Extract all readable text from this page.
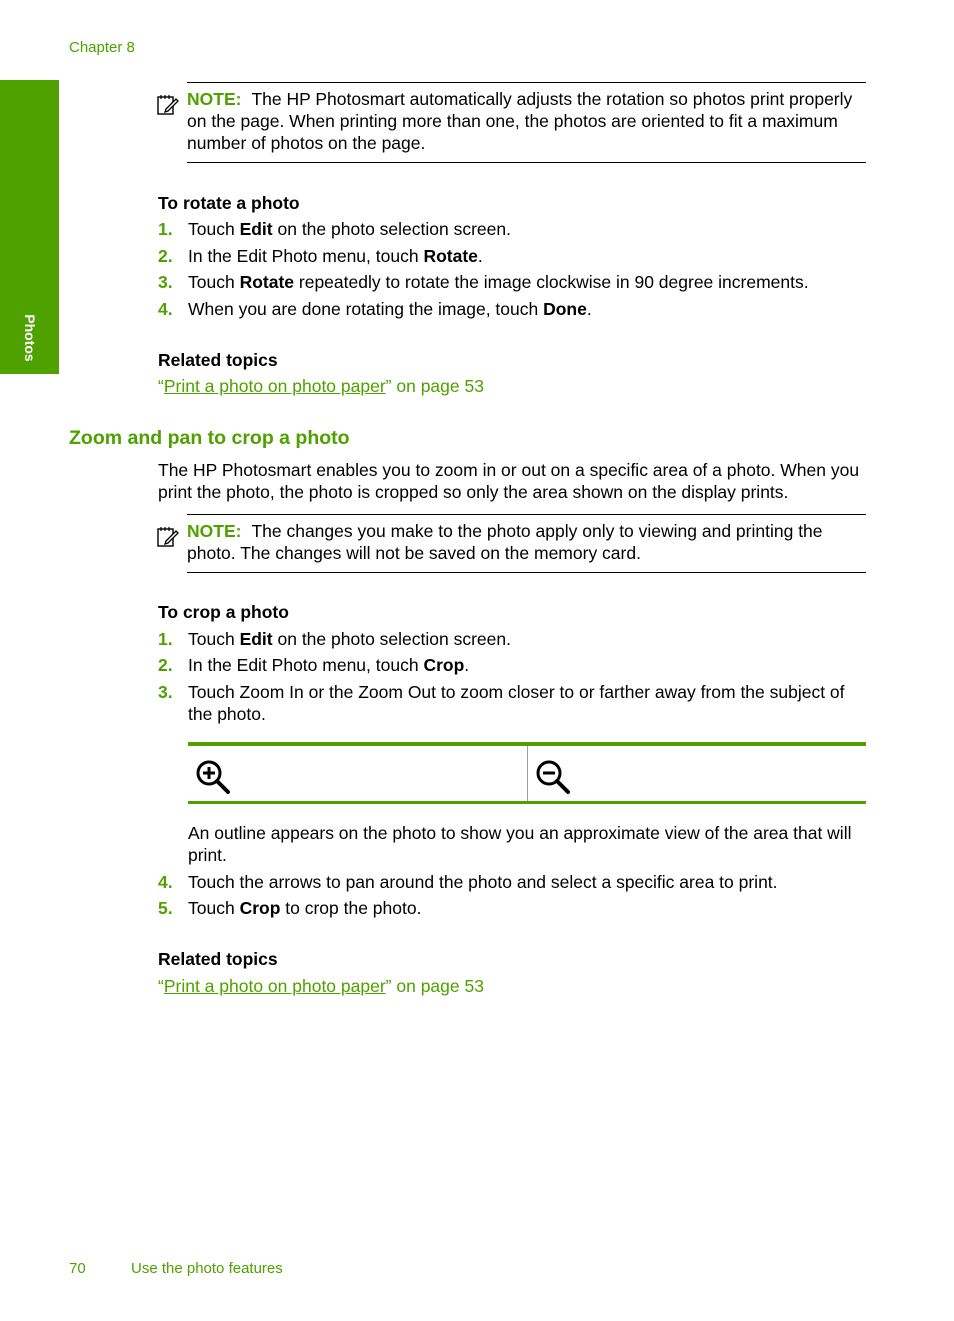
Chapter 8
Photos
NOTE: The HP Photosmart automatically adjusts the rotation so photos print properly on the page. When printing more than one, the photos are oriented to fit a maximum number of photos on the page.
To rotate a photo
1. Touch Edit on the photo selection screen.
2. In the Edit Photo menu, touch Rotate.
3. Touch Rotate repeatedly to rotate the image clockwise in 90 degree increments.
4. When you are done rotating the image, touch Done.
Related topics
“Print a photo on photo paper” on page 53
Zoom and pan to crop a photo
The HP Photosmart enables you to zoom in or out on a specific area of a photo. When you print the photo, the photo is cropped so only the area shown on the display prints.
NOTE: The changes you make to the photo apply only to viewing and printing the photo. The changes will not be saved on the memory card.
To crop a photo
1. Touch Edit on the photo selection screen.
2. In the Edit Photo menu, touch Crop.
3. Touch Zoom In or the Zoom Out to zoom closer to or farther away from the subject of the photo.
An outline appears on the photo to show you an approximate view of the area that will print.
4. Touch the arrows to pan around the photo and select a specific area to print.
5. Touch Crop to crop the photo.
Related topics
“Print a photo on photo paper” on page 53
70	Use the photo features
